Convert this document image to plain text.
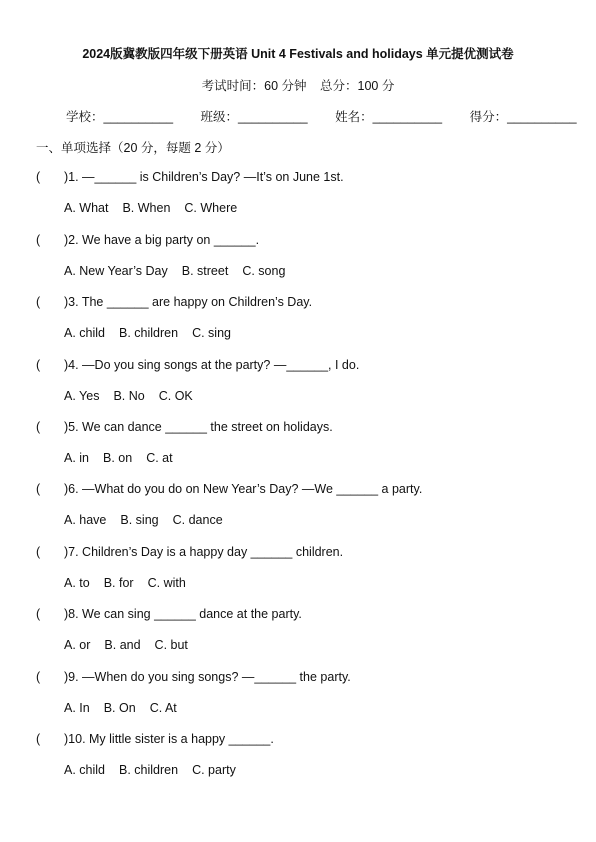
2024版冀教版四年级下册英语 Unit 4 Festivals and holidays 单元提优测试卷
考试时间：60 分钟 总分：100 分
学校：__________ 班级：__________ 姓名：__________ 得分：__________
一、单项选择（20 分，每题 2 分）
( )1. —______ is Children’s Day? —It’s on June 1st.
A. What B. When C. Where
( )2. We have a big party on ______.
A. New Year’s Day B. street C. song
( )3. The ______ are happy on Children’s Day.
A. child B. children C. sing
( )4. —Do you sing songs at the party? —______, I do.
A. Yes B. No C. OK
( )5. We can dance ______ the street on holidays.
A. in B. on C. at
( )6. —What do you do on New Year’s Day? —We ______ a party.
A. have B. sing C. dance
( )7. Children’s Day is a happy day ______ children.
A. to B. for C. with
( )8. We can sing ______ dance at the party.
A. or B. and C. but
( )9. —When do you sing songs? —______ the party.
A. In B. On C. At
( )10. My little sister is a happy ______.
A. child B. children C. party
